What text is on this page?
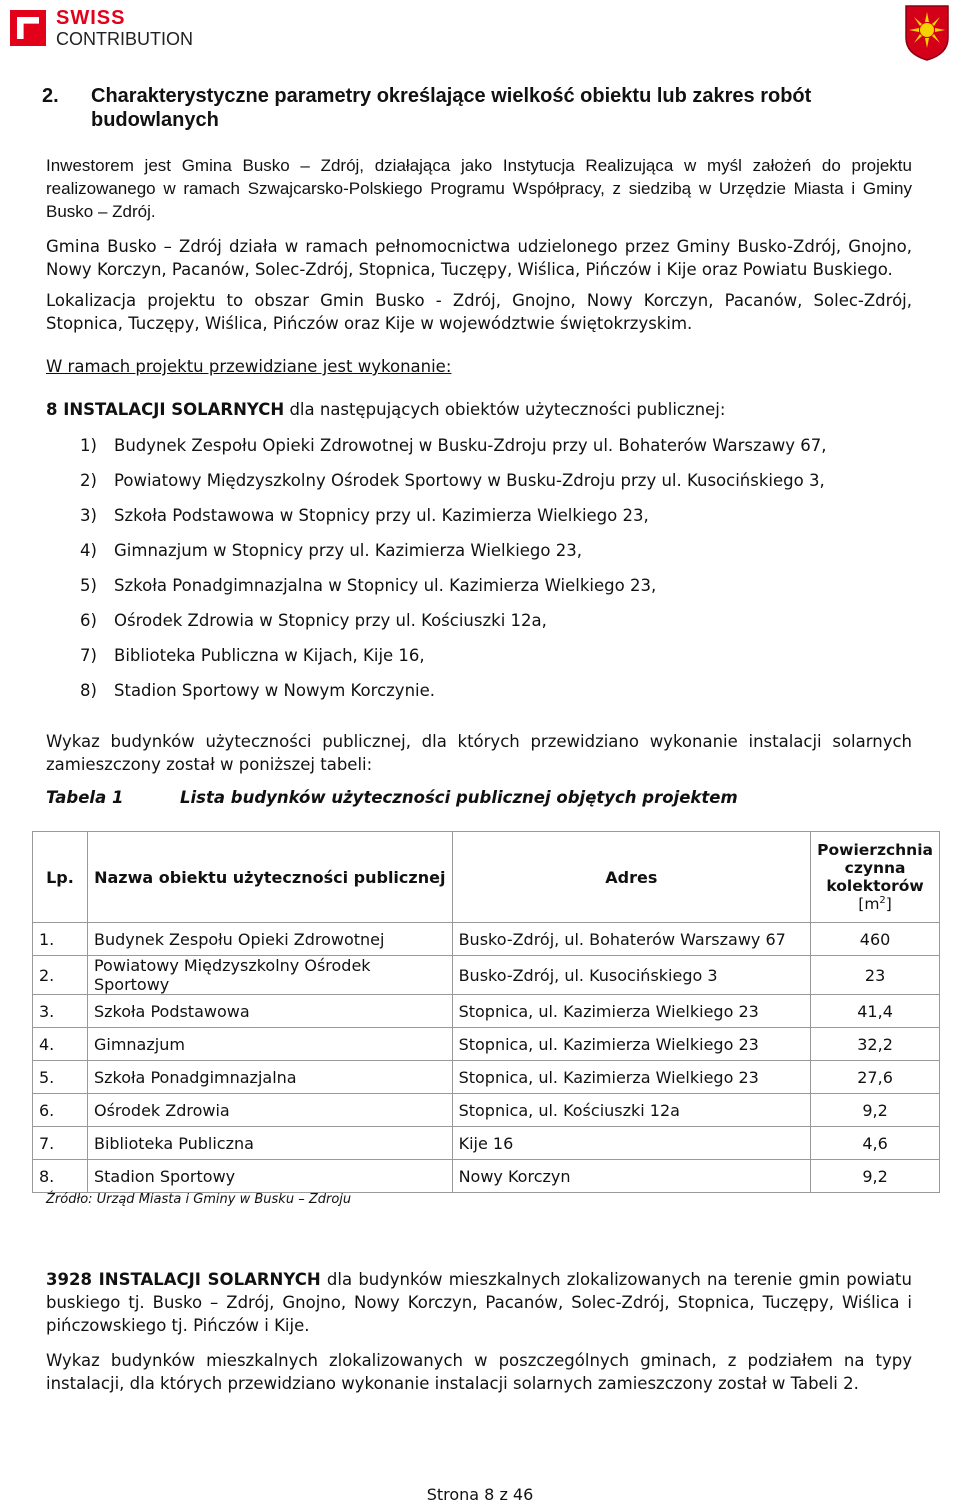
SWISS
CONTRIBUTION
2.	Charakterystyczne parametry określające wielkość obiektu lub zakres robót budowlanych

Inwestorem jest Gmina Busko – Zdrój, działająca jako Instytucja Realizująca w myśl założeń do projektu realizowanego w ramach Szwajcarsko-Polskiego Programu Współpracy, z siedzibą w Urzędzie Miasta i Gminy Busko – Zdrój.

Gmina Busko – Zdrój działa w ramach pełnomocnictwa udzielonego przez Gminy Busko-Zdrój, Gnojno, Nowy Korczyn, Pacanów, Solec-Zdrój, Stopnica, Tuczępy, Wiślica, Pińczów i Kije oraz Powiatu Buskiego.

Lokalizacja projektu to obszar Gmin Busko - Zdrój, Gnojno, Nowy Korczyn, Pacanów, Solec-Zdrój, Stopnica, Tuczępy, Wiślica, Pińczów oraz Kije w województwie świętokrzyskim.

W ramach projektu przewidziane jest wykonanie:

8 INSTALACJI SOLARNYCH dla następujących obiektów użyteczności publicznej:

1)	Budynek Zespołu Opieki Zdrowotnej w Busku-Zdroju przy ul. Bohaterów Warszawy 67,
2)	Powiatowy Międzyszkolny Ośrodek Sportowy w Busku-Zdroju przy ul. Kusocińskiego 3,
3)	Szkoła Podstawowa w Stopnicy przy ul. Kazimierza Wielkiego 23,
4)	Gimnazjum w Stopnicy przy ul. Kazimierza Wielkiego 23,
5)	Szkoła Ponadgimnazjalna w Stopnicy ul. Kazimierza Wielkiego 23,
6)	Ośrodek Zdrowia w Stopnicy przy ul. Kościuszki 12a,
7)	Biblioteka Publiczna w Kijach, Kije 16,
8)	Stadion Sportowy w Nowym Korczynie.

Wykaz budynków użyteczności publicznej, dla których przewidziano wykonanie instalacji solarnych zamieszczony został w poniższej tabeli:

Tabela 1	Lista budynków użyteczności publicznej objętych projektem
Lp.	Nazwa obiektu użyteczności publicznej	Adres	Powierzchnia czynna kolektorów
$[m^2]$
1.	Budynek Zespołu Opieki Zdrowotnej	Busko-Zdrój, ul. Bohaterów Warszawy 67	460
2.	Powiatowy Międzyszkolny Ośrodek Sportowy	Busko-Zdrój, ul. Kusocińskiego 3	23
3.	Szkoła Podstawowa	Stopnica, ul. Kazimierza Wielkiego 23	41,4
4.	Gimnazjum	Stopnica, ul. Kazimierza Wielkiego 23	32,2
5.	Szkoła Ponadgimnazjalna	Stopnica, ul. Kazimierza Wielkiego 23	27,6
6.	Ośrodek Zdrowia	Stopnica, ul. Kościuszki 12a	9,2
7.	Biblioteka Publiczna	Kije 16	4,6
8.	Stadion Sportowy	Nowy Korczyn	9,2
Źródło: Urząd Miasta i Gminy w Busku – Zdroju

3928 INSTALACJI SOLARNYCH dla budynków mieszkalnych zlokalizowanych na terenie gmin powiatu buskiego tj. Busko – Zdrój, Gnojno, Nowy Korczyn, Pacanów, Solec-Zdrój, Stopnica, Tuczępy, Wiślica i pińczowskiego tj. Pińczów i Kije.

Wykaz budynków mieszkalnych zlokalizowanych w poszczególnych gminach, z podziałem na typy instalacji, dla których przewidziano wykonanie instalacji solarnych zamieszczony został w Tabeli 2.

Strona 8 z 46
